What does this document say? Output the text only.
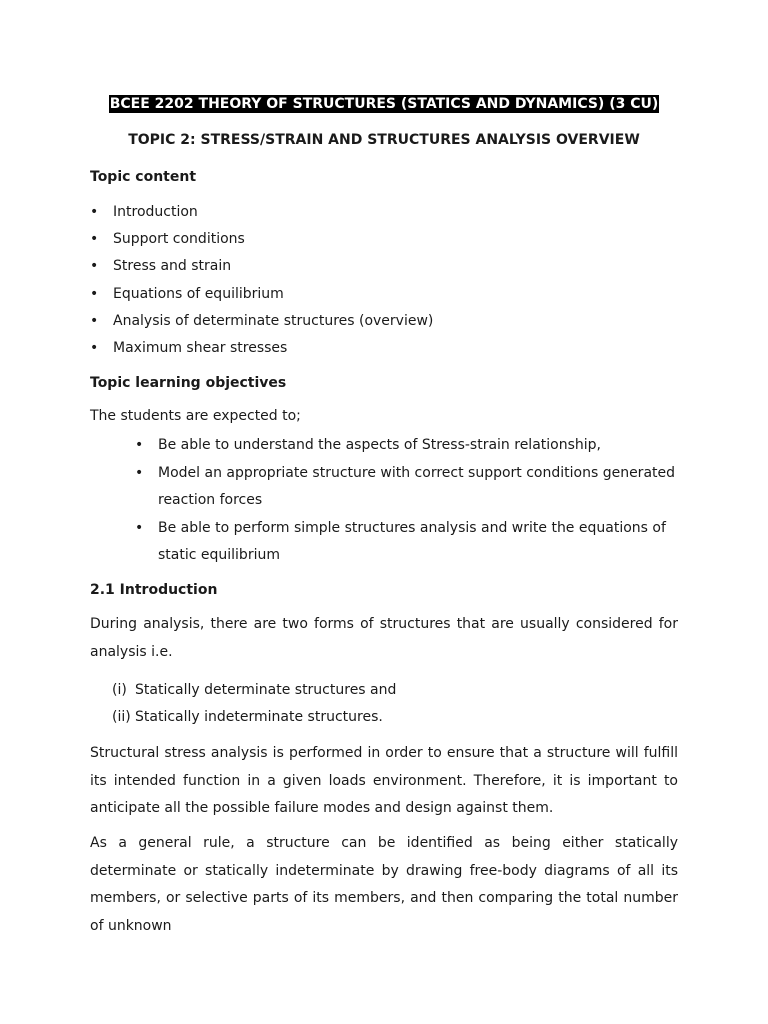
BCEE 2202 THEORY OF STRUCTURES (STATICS AND DYNAMICS) (3 CU)
TOPIC 2: STRESS/STRAIN AND STRUCTURES ANALYSIS OVERVIEW
Topic content
• Introduction
• Support conditions
• Stress and strain
• Equations of equilibrium
• Analysis of determinate structures (overview)
• Maximum shear stresses
Topic learning objectives
The students are expected to;
• Be able to understand the aspects of Stress-strain relationship,
• Model an appropriate structure with correct support conditions generated reaction forces
• Be able to perform simple structures analysis and write the equations of static equilibrium
2.1 Introduction

During analysis, there are two forms of structures that are usually considered for analysis i.e.

(i) Statically determinate structures and
(ii) Statically indeterminate structures.

Structural stress analysis is performed in order to ensure that a structure will fulfill its intended function in a given loads environment. Therefore, it is important to anticipate all the possible failure modes and design against them.

As a general rule, a structure can be identified as being either statically determinate or statically indeterminate by drawing free-body diagrams of all its members, or selective parts of its members, and then comparing the total number of unknown
